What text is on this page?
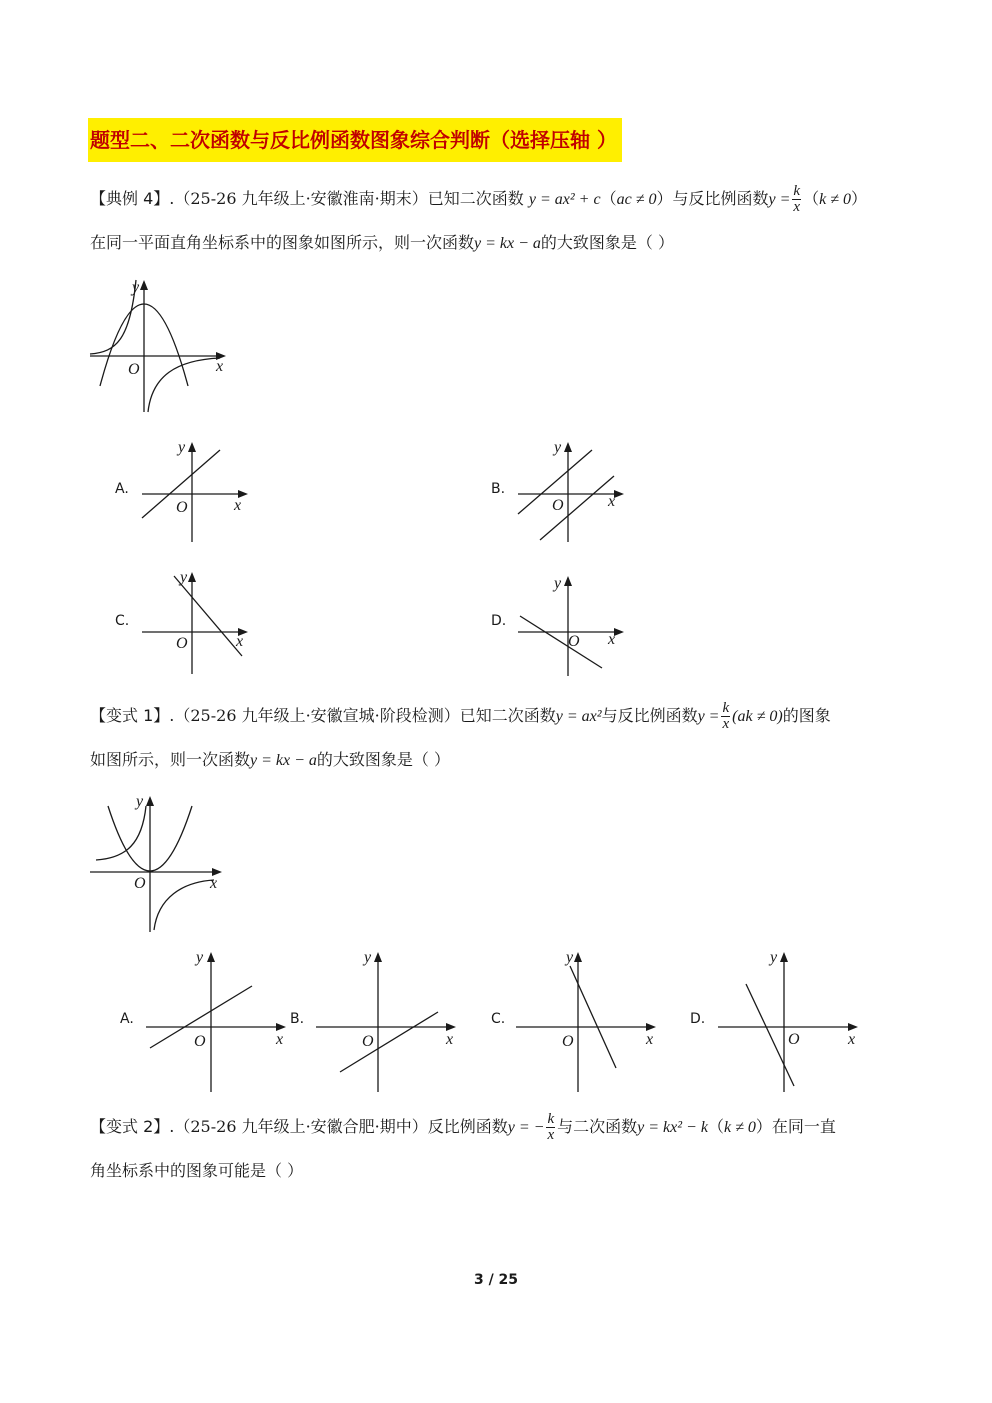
题型二、二次函数与反比例函数图象综合判断（选择压轴 ）
【典例 4】.（25-26 九年级上·安徽淮南·期末）已知二次函数 y = ax² + c（ac ≠ 0）与反比例函数$y = \frac{k}{x} (k \ne 0)$
在同一平面直角坐标系中的图象如图所示，则一次函数y = kx − a的大致图象是（ ）
y
x
O
A.
y
x
O
B.
y
x
O
C.
y
x
O
D.
y
x
O
【变式 1】.（25-26 九年级上·安徽宣城·阶段检测）已知二次函数y = ax²与反比例函数$y = \frac{k}{x} (ak \ne 0)$的图象
如图所示，则一次函数y = kx − a的大致图象是（ ）
y
x
O
A.
y
x
O
B.
y
x
O
C.
y
x
O
D.
y
x
O
【变式 2】.（25-26 九年级上·安徽合肥·期中）反比例函数y = − $\frac{k}{x}$ 与二次函数y = kx² − k（k ≠ 0）在同一直
角坐标系中的图象可能是（ ）
3 / 25
